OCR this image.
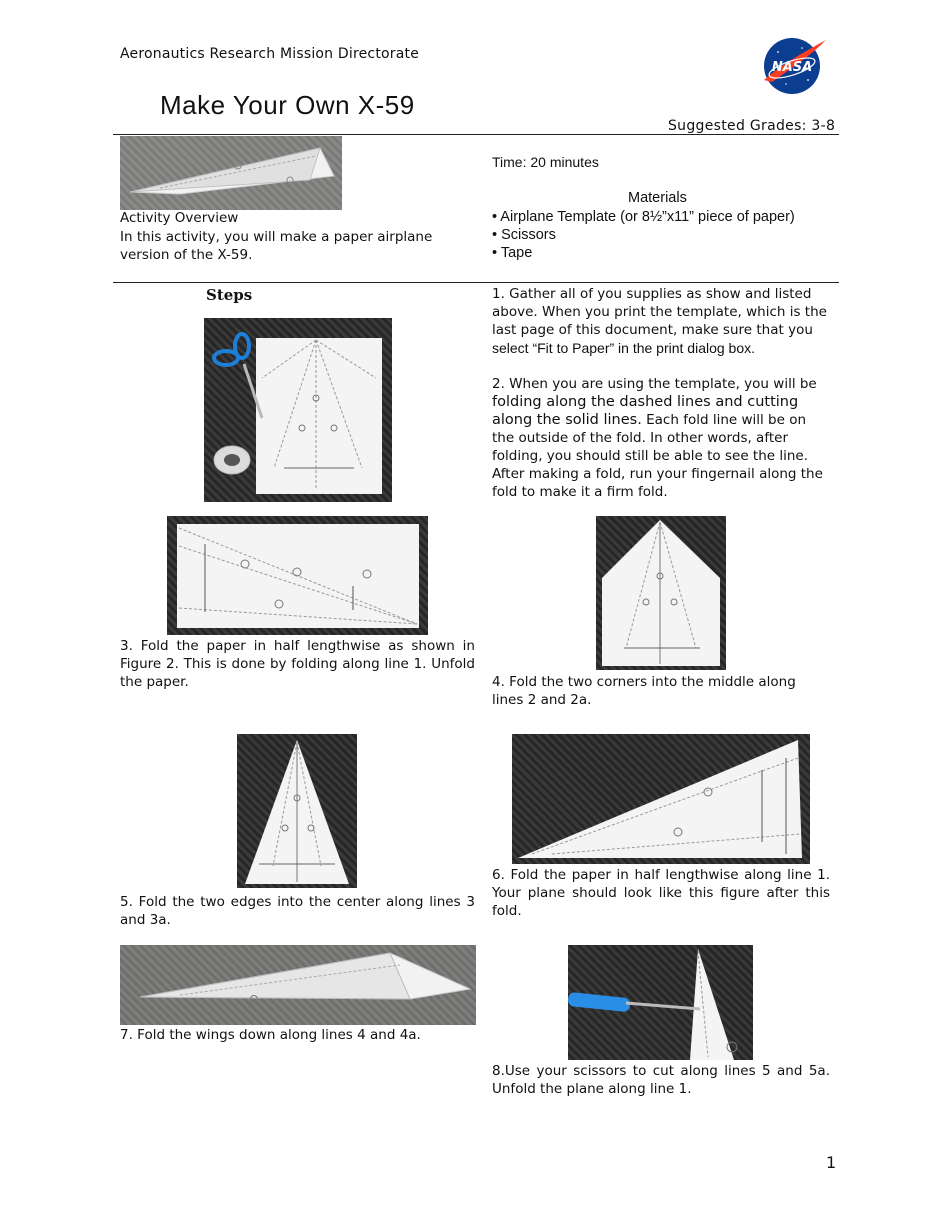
Aeronautics Research Mission Directorate
Make Your Own X-59
Suggested Grades: 3-8
NASA
Activity Overview
In this activity, you will make a paper airplane version of the X-59.
Time: 20 minutes
Materials
• Airplane Template (or 8½”x11” piece of paper)
• Scissors
• Tape
Steps	1. Gather all of you supplies as show and listed above. When you print the template, which is the last page of this document, make sure that you select “Fit to Paper” in the print dialog box.
2. When you are using the template, you will be folding along the dashed lines and cutting along the solid lines. Each fold line will be on the outside of the fold. In other words, after folding, you should still be able to see the line. After making a fold, run your fingernail along the fold to make it a firm fold.
3. Fold the paper in half lengthwise as shown in Figure 2. This is done by folding along line 1. Unfold the paper.	4. Fold the two corners into the middle along lines 2 and 2a.
5. Fold the two edges into the center along lines 3 and 3a.
6. Fold the paper in half lengthwise along line 1. Your plane should look like this figure after this fold.
7. Fold the wings down along lines 4 and 4a.
8.Use your scissors to cut along lines 5 and 5a. Unfold the plane along line 1.
1
